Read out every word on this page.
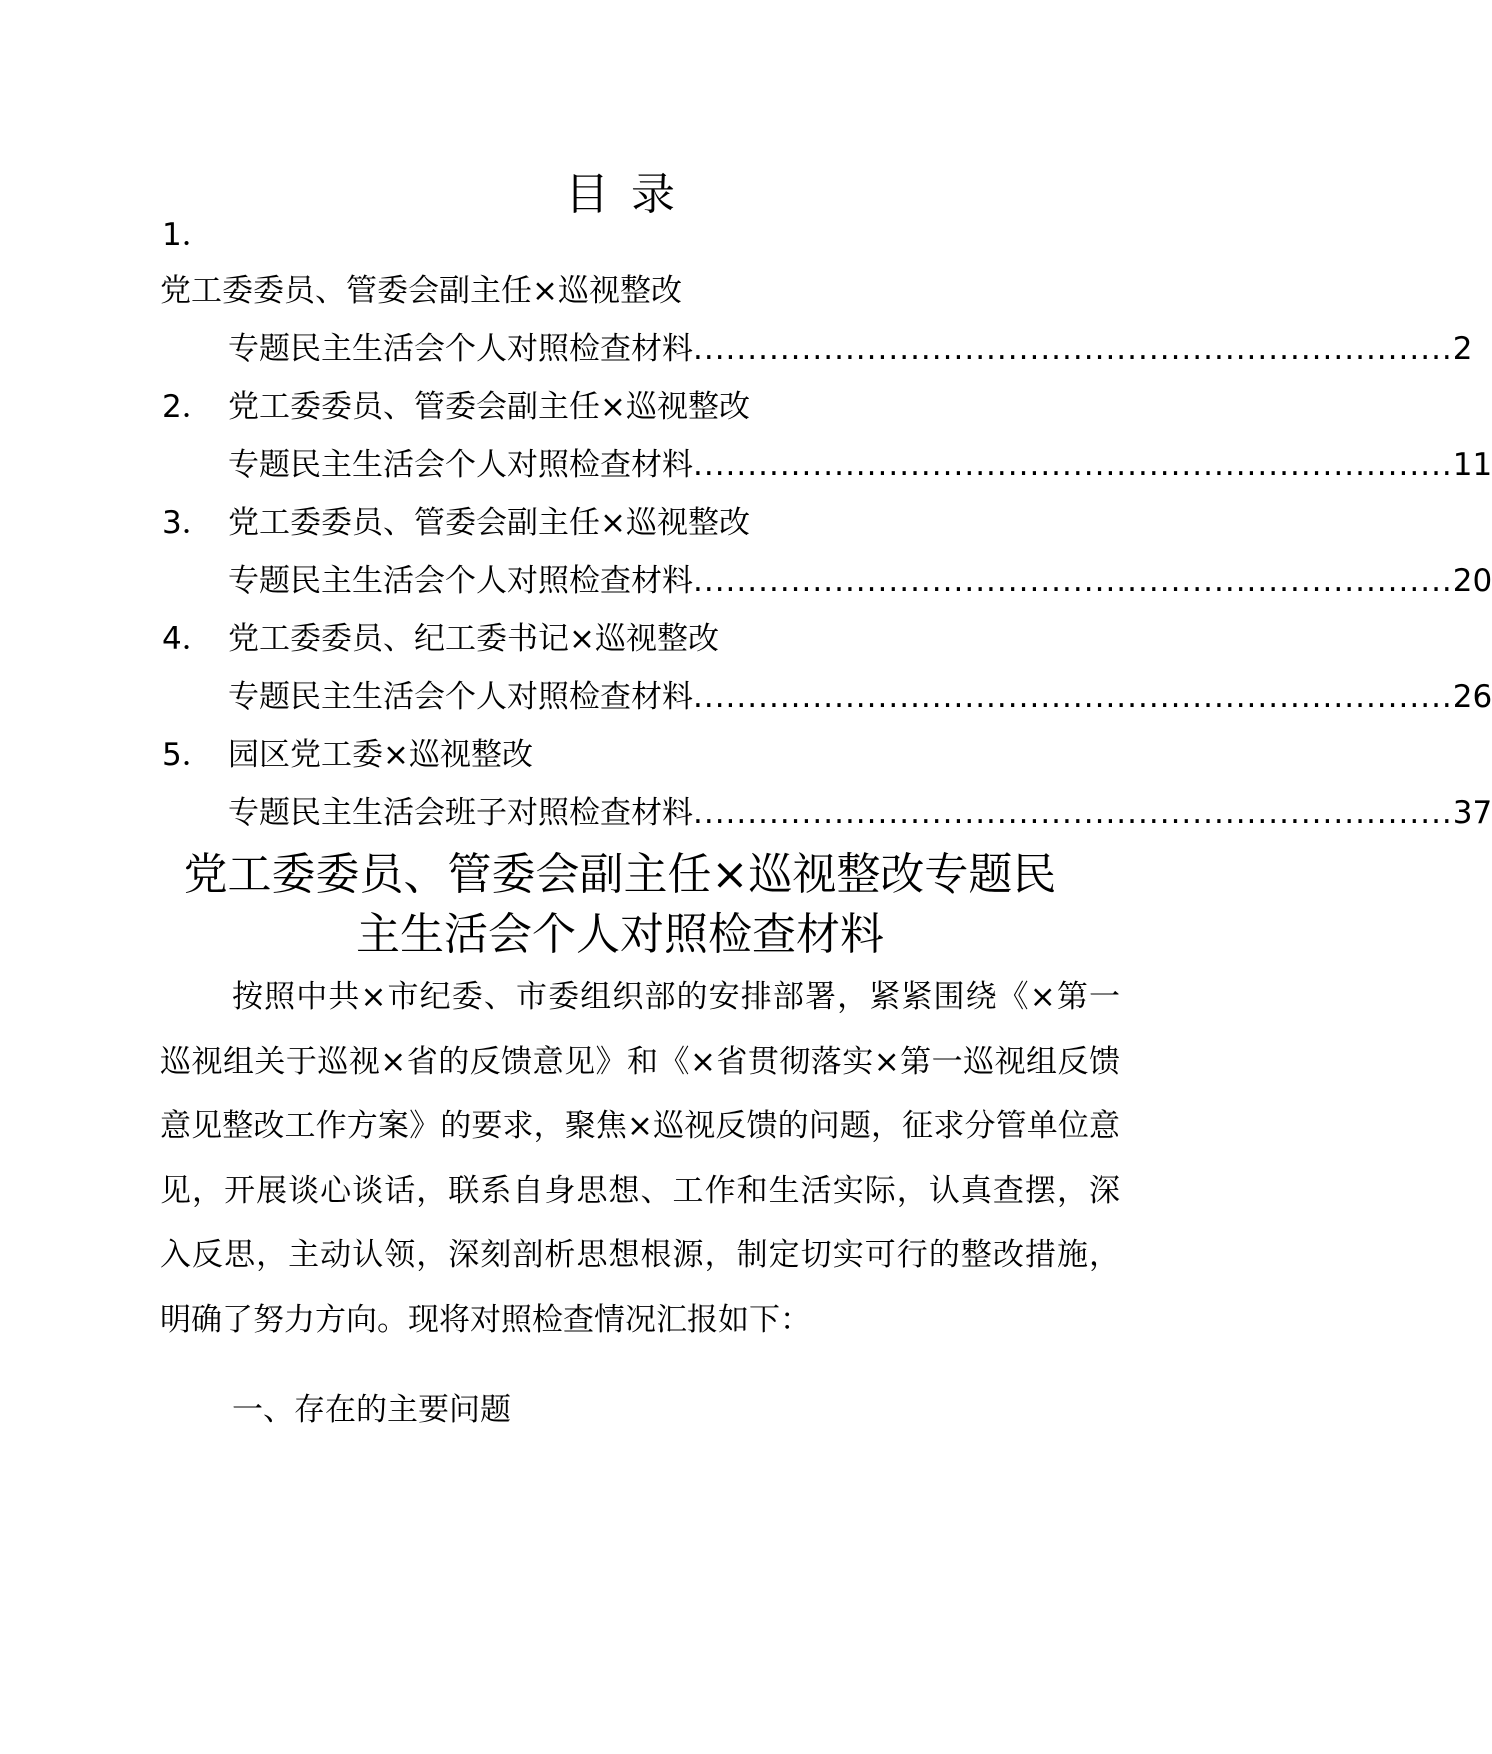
目录
1．
党工委委员、管委会副主任×巡视整改
专题民主生活会个人对照检查材料 ...................................................................... 2
2． 党工委委员、管委会副主任×巡视整改
专题民主生活会个人对照检查材料 ...................................................................... 11
3． 党工委委员、管委会副主任×巡视整改
专题民主生活会个人对照检查材料 ...................................................................... 20
4． 党工委委员、纪工委书记×巡视整改
专题民主生活会个人对照检查材料 ...................................................................... 26
5． 园区党工委×巡视整改
专题民主生活会班子对照检查材料 ...................................................................... 37
党工委委员、管委会副主任×巡视整改专题民
主生活会个人对照检查材料
按照中共×市纪委、市委组织部的安排部署，紧紧围绕《×第一巡视组关于巡视×省的反馈意见》和《×省贯彻落实×第一巡视组反馈意见整改工作方案》的要求，聚焦×巡视反馈的问题，征求分管单位意见，开展谈心谈话，联系自身思想、工作和生活实际，认真查摆，深入反思，主动认领，深刻剖析思想根源，制定切实可行的整改措施，明确了努力方向。现将对照检查情况汇报如下：
一、存在的主要问题
